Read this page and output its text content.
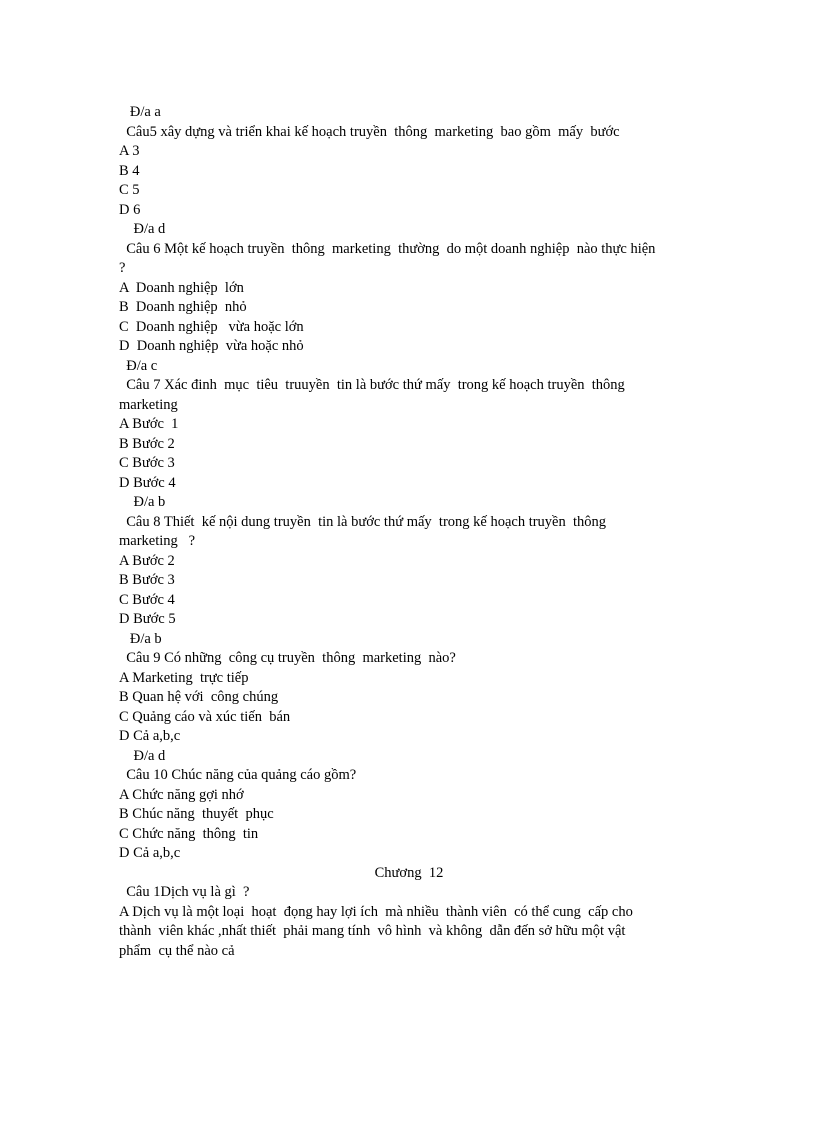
Đ/a a
Câu5 xây dựng và triển khai kế hoạch truyền  thông  marketing  bao gồm  mấy  bước
A 3
B 4
C 5
D 6
Đ/a d
Câu 6 Một kế hoạch truyền  thông  marketing  thường  do một doanh nghiệp  nào thực hiện
?
A  Doanh nghiệp  lớn
B  Doanh nghiệp  nhỏ
C  Doanh nghiệp   vừa hoặc lớn
D  Doanh nghiệp  vừa hoặc nhỏ
Đ/a c
Câu 7 Xác đinh  mục  tiêu  truuyền  tin là bước thứ mấy  trong kế hoạch truyền  thông
marketing
A Bước  1
B Bước 2
C Bước 3
D Bước 4
Đ/a b
Câu 8 Thiết  kế nội dung truyền  tin là bước thứ mấy  trong kế hoạch truyền  thông
marketing   ?
A Bước 2
B Bước 3
C Bước 4
D Bước 5
Đ/a b
Câu 9 Có những  công cụ truyền  thông  marketing  nào?
A Marketing  trực tiếp
B Quan hệ với  công chúng
C Quảng cáo và xúc tiến  bán
D Cả a,b,c
Đ/a d
Câu 10 Chúc năng của quảng cáo gồm?
A Chức năng gợi nhớ
B Chúc năng  thuyết  phục
C Chức năng  thông  tin
D Cả a,b,c
Chương  12
Câu 1Dịch vụ là gì  ?
A Dịch vụ là một loại  hoạt  đọng hay lợi ích  mà nhiều  thành viên  có thể cung  cấp cho
thành  viên khác ,nhất thiết  phải mang tính  vô hình  và không  dẫn đến sở hữu một vật
phẩm  cụ thể nào cả
